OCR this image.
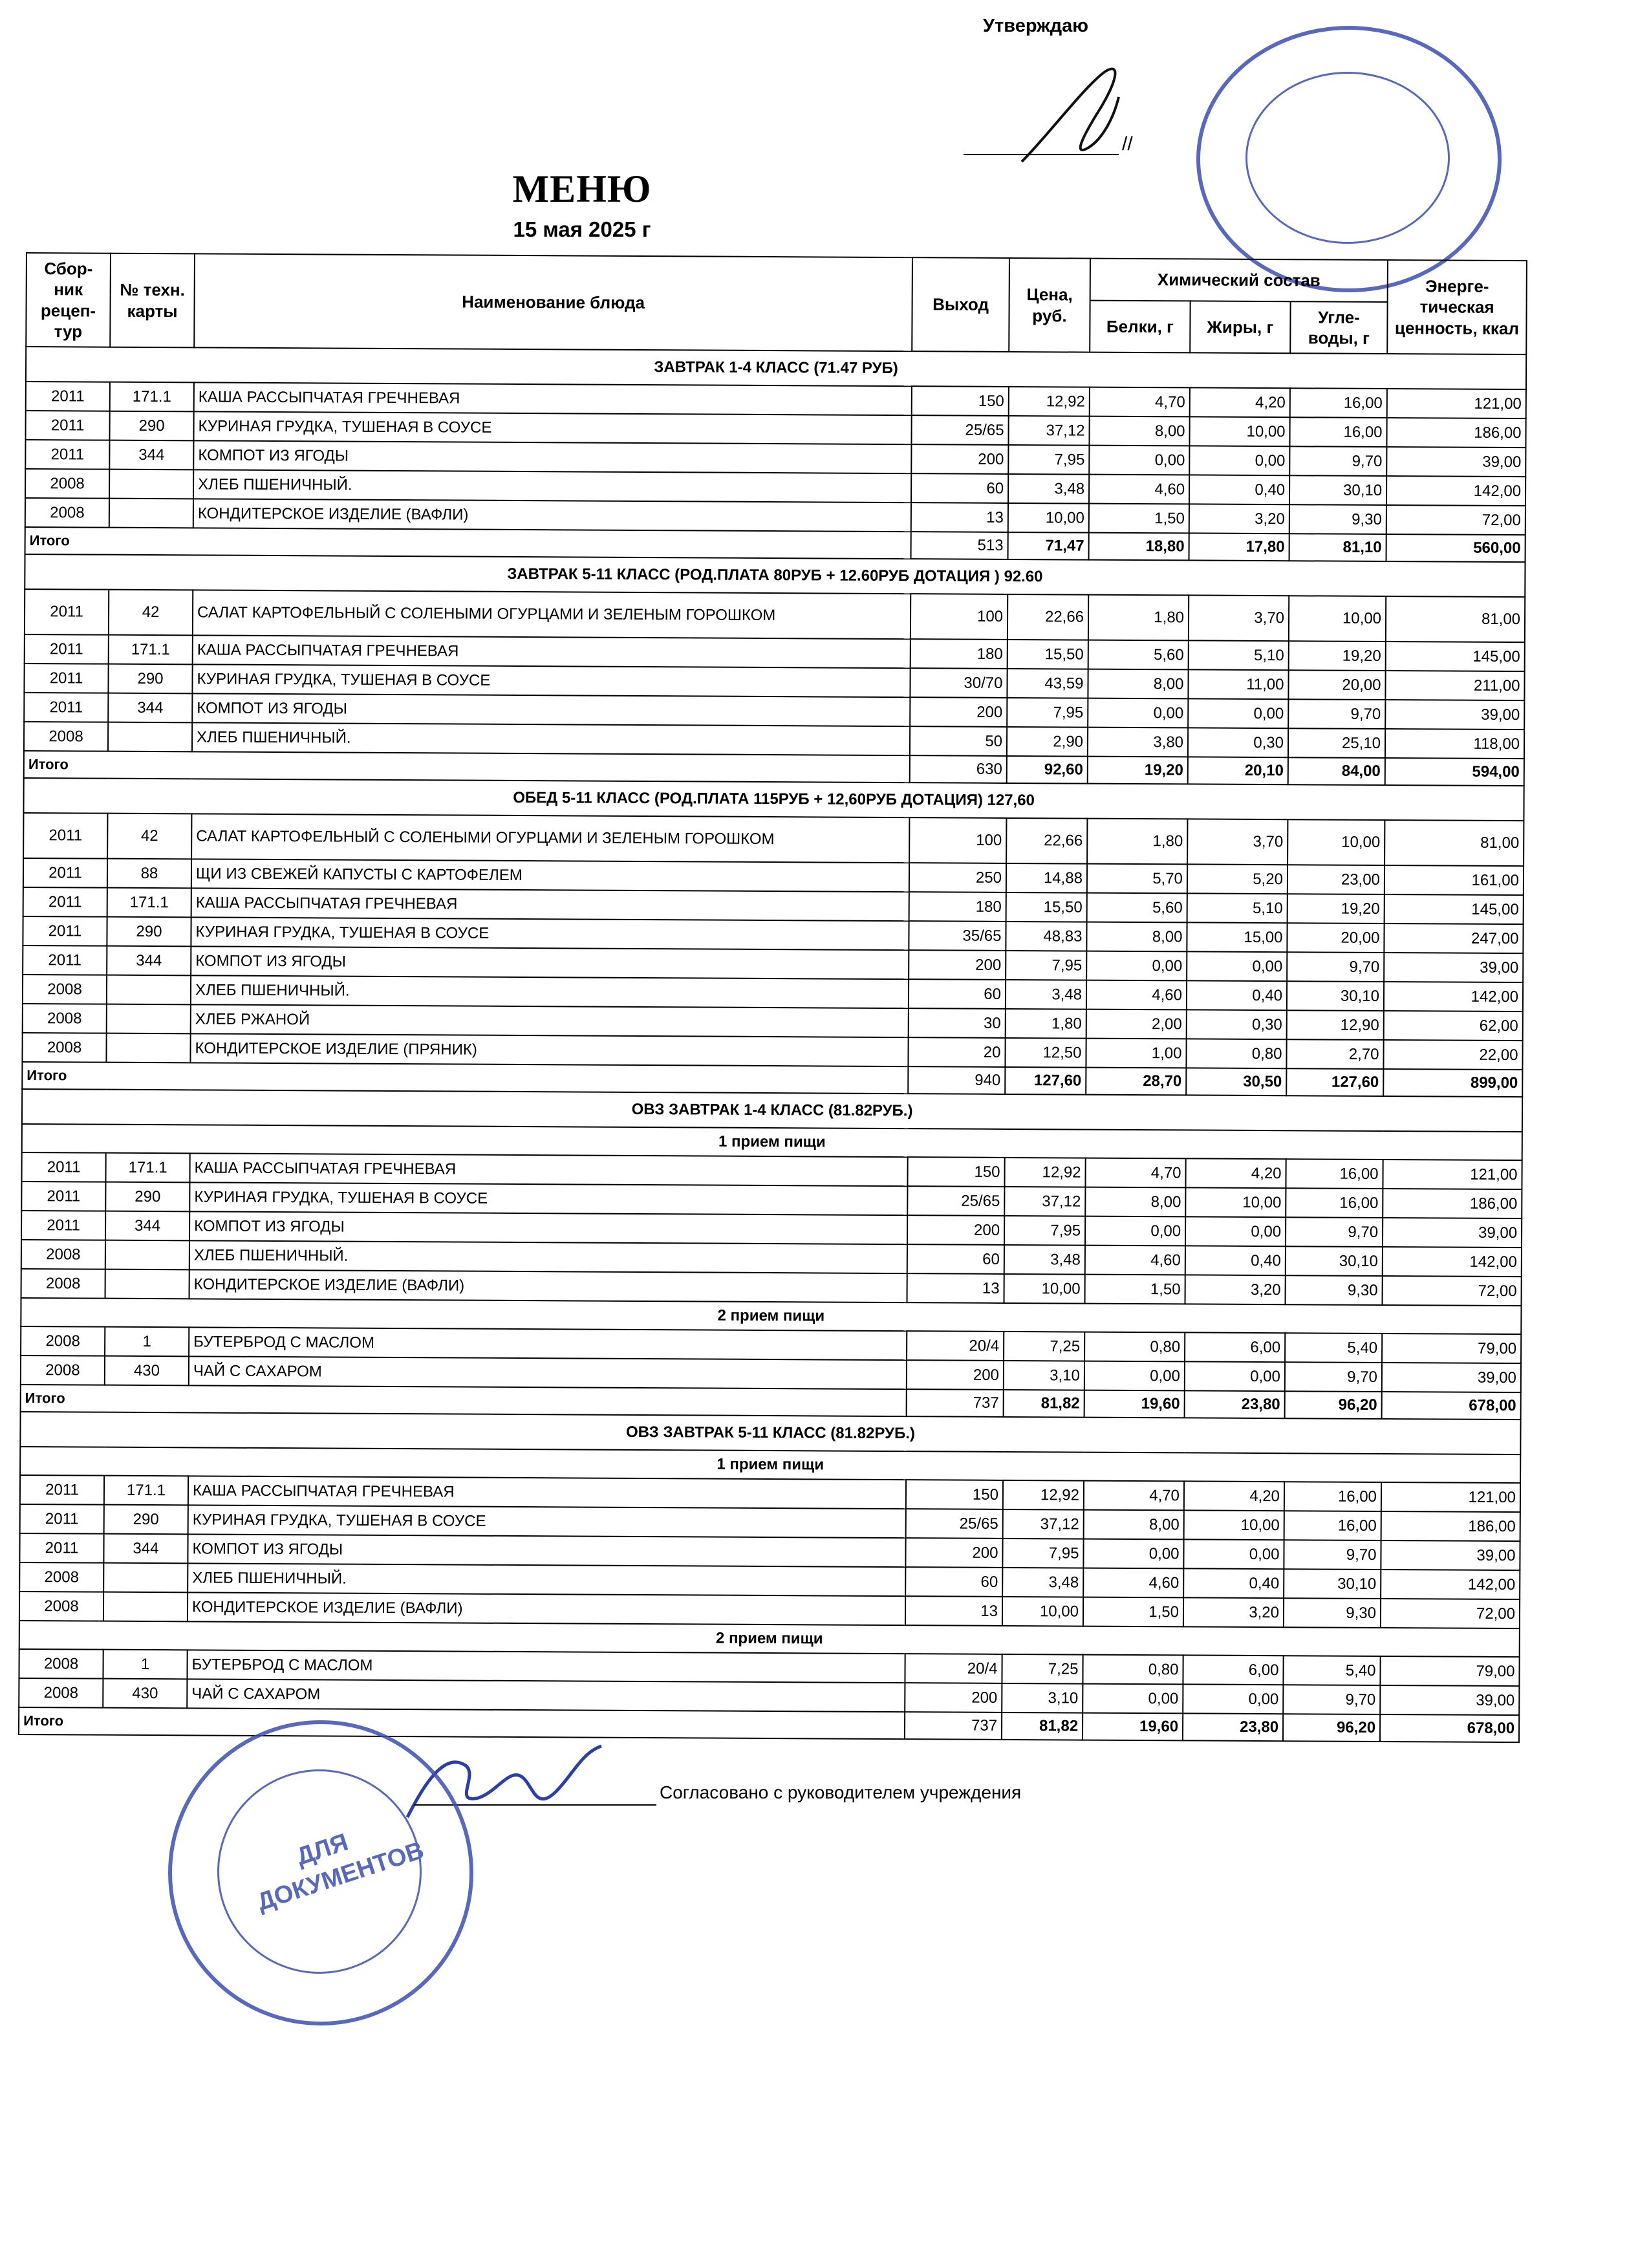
Утверждаю
//
МЕНЮ
15 мая 2025 г
Сбор-ник рецеп-тур	№ техн. карты	Наименование блюда	Выход	Цена, руб.	Химический состав			Энерге-тическая ценность, ккал
					Белки, г	Жиры, г	Угле-воды, г	
ЗАВТРАК 1-4 КЛАСС (71.47 РУБ)								
2011	171.1	КАША РАССЫПЧАТАЯ ГРЕЧНЕВАЯ	150	12,92	4,70	4,20	16,00	121,00
2011	290	КУРИНАЯ ГРУДКА, ТУШЕНАЯ В СОУСЕ	25/65	37,12	8,00	10,00	16,00	186,00
2011	344	КОМПОТ ИЗ ЯГОДЫ	200	7,95	0,00	0,00	9,70	39,00
2008		ХЛЕБ ПШЕНИЧНЫЙ.	60	3,48	4,60	0,40	30,10	142,00
2008		КОНДИТЕРСКОЕ ИЗДЕЛИЕ (ВАФЛИ)	13	10,00	1,50	3,20	9,30	72,00
Итого			513	71,47	18,80	17,80	81,10	560,00
ЗАВТРАК 5-11 КЛАСС (РОД.ПЛАТА 80РУБ + 12.60РУБ ДОТАЦИЯ ) 92.60								
2011	42	САЛАТ КАРТОФЕЛЬНЫЙ С СОЛЕНЫМИ ОГУРЦАМИ И ЗЕЛЕНЫМ ГОРОШКОМ	100	22,66	1,80	3,70	10,00	81,00
2011	171.1	КАША РАССЫПЧАТАЯ ГРЕЧНЕВАЯ	180	15,50	5,60	5,10	19,20	145,00
2011	290	КУРИНАЯ ГРУДКА, ТУШЕНАЯ В СОУСЕ	30/70	43,59	8,00	11,00	20,00	211,00
2011	344	КОМПОТ ИЗ ЯГОДЫ	200	7,95	0,00	0,00	9,70	39,00
2008		ХЛЕБ ПШЕНИЧНЫЙ.	50	2,90	3,80	0,30	25,10	118,00
Итого			630	92,60	19,20	20,10	84,00	594,00
ОБЕД 5-11 КЛАСС (РОД.ПЛАТА 115РУБ + 12,60РУБ ДОТАЦИЯ) 127,60								
2011	42	САЛАТ КАРТОФЕЛЬНЫЙ С СОЛЕНЫМИ ОГУРЦАМИ И ЗЕЛЕНЫМ ГОРОШКОМ	100	22,66	1,80	3,70	10,00	81,00
2011	88	ЩИ ИЗ СВЕЖЕЙ КАПУСТЫ С КАРТОФЕЛЕМ	250	14,88	5,70	5,20	23,00	161,00
2011	171.1	КАША РАССЫПЧАТАЯ ГРЕЧНЕВАЯ	180	15,50	5,60	5,10	19,20	145,00
2011	290	КУРИНАЯ ГРУДКА, ТУШЕНАЯ В СОУСЕ	35/65	48,83	8,00	15,00	20,00	247,00
2011	344	КОМПОТ ИЗ ЯГОДЫ	200	7,95	0,00	0,00	9,70	39,00
2008		ХЛЕБ ПШЕНИЧНЫЙ.	60	3,48	4,60	0,40	30,10	142,00
2008		ХЛЕБ РЖАНОЙ	30	1,80	2,00	0,30	12,90	62,00
2008		КОНДИТЕРСКОЕ ИЗДЕЛИЕ (ПРЯНИК)	20	12,50	1,00	0,80	2,70	22,00
Итого			940	127,60	28,70	30,50	127,60	899,00
ОВЗ ЗАВТРАК 1-4 КЛАСС (81.82РУБ.)								
1 прием пищи								
2011	171.1	КАША РАССЫПЧАТАЯ ГРЕЧНЕВАЯ	150	12,92	4,70	4,20	16,00	121,00
2011	290	КУРИНАЯ ГРУДКА, ТУШЕНАЯ В СОУСЕ	25/65	37,12	8,00	10,00	16,00	186,00
2011	344	КОМПОТ ИЗ ЯГОДЫ	200	7,95	0,00	0,00	9,70	39,00
2008		ХЛЕБ ПШЕНИЧНЫЙ.	60	3,48	4,60	0,40	30,10	142,00
2008		КОНДИТЕРСКОЕ ИЗДЕЛИЕ (ВАФЛИ)	13	10,00	1,50	3,20	9,30	72,00
2 прием пищи								
2008	1	БУТЕРБРОД С МАСЛОМ	20/4	7,25	0,80	6,00	5,40	79,00
2008	430	ЧАЙ С САХАРОМ	200	3,10	0,00	0,00	9,70	39,00
Итого			737	81,82	19,60	23,80	96,20	678,00
ОВЗ ЗАВТРАК 5-11 КЛАСС (81.82РУБ.)								
1 прием пищи								
2011	171.1	КАША РАССЫПЧАТАЯ ГРЕЧНЕВАЯ	150	12,92	4,70	4,20	16,00	121,00
2011	290	КУРИНАЯ ГРУДКА, ТУШЕНАЯ В СОУСЕ	25/65	37,12	8,00	10,00	16,00	186,00
2011	344	КОМПОТ ИЗ ЯГОДЫ	200	7,95	0,00	0,00	9,70	39,00
2008		ХЛЕБ ПШЕНИЧНЫЙ.	60	3,48	4,60	0,40	30,10	142,00
2008		КОНДИТЕРСКОЕ ИЗДЕЛИЕ (ВАФЛИ)	13	10,00	1,50	3,20	9,30	72,00
2 прием пищи								
2008	1	БУТЕРБРОД С МАСЛОМ	20/4	7,25	0,80	6,00	5,40	79,00
2008	430	ЧАЙ С САХАРОМ	200	3,10	0,00	0,00	9,70	39,00
Итого			737	81,82	19,60	23,80	96,20	678,00
Согласовано с руководителем учреждения
ДЛЯ ДОКУМЕНТОВ
